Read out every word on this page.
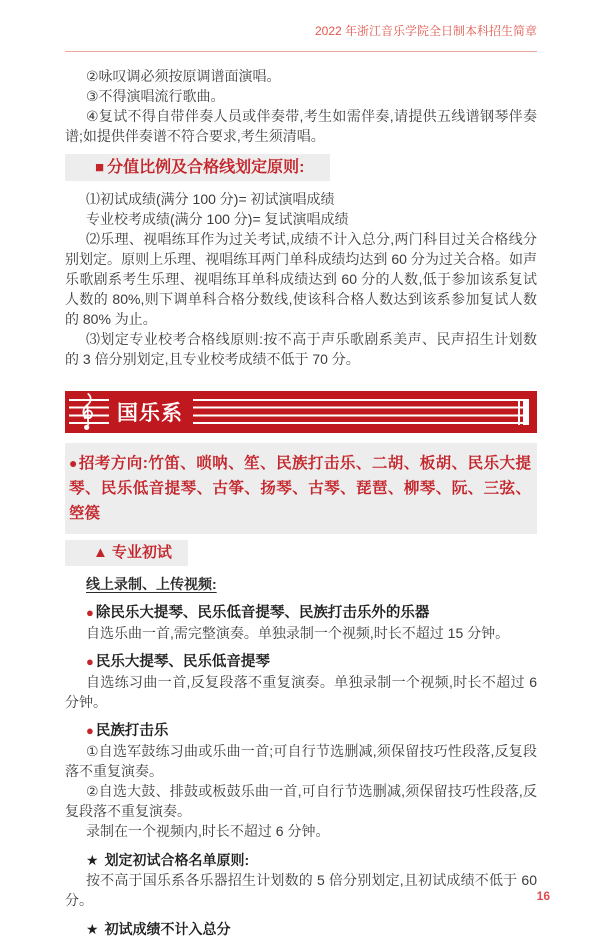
2022 年浙江音乐学院全日制本科招生简章

②咏叹调必须按原调谱面演唱。

③不得演唱流行歌曲。

④复试不得自带伴奏人员或伴奏带,考生如需伴奏,请提供五线谱钢琴伴奏谱;如提供伴奏谱不符合要求,考生须清唱。

■ 分值比例及合格线划定原则:

⑴初试成绩(满分 100 分)= 初试演唱成绩

专业校考成绩(满分 100 分)= 复试演唱成绩

⑵乐理、视唱练耳作为过关考试,成绩不计入总分,两门科目过关合格线分别划定。原则上乐理、视唱练耳两门单科成绩均达到 60 分为过关合格。如声乐歌剧系考生乐理、视唱练耳单科成绩达到 60 分的人数,低于参加该系复试人数的 80%,则下调单科合格分数线,使该科合格人数达到该系参加复试人数的 80% 为止。

⑶划定专业校考合格线原则:按不高于声乐歌剧系美声、民声招生计划数的 3 倍分别划定,且专业校考成绩不低于 70 分。

国乐系
●招考方向:竹笛、唢呐、笙、民族打击乐、二胡、板胡、民乐大提琴、民乐低音提琴、古筝、扬琴、古琴、琵琶、柳琴、阮、三弦、箜篌
▲ 专业初试
线上录制、上传视频:
● 除民乐大提琴、民乐低音提琴、民族打击乐外的乐器

自选乐曲一首,需完整演奏。单独录制一个视频,时长不超过 15 分钟。

● 民乐大提琴、民乐低音提琴

自选练习曲一首,反复段落不重复演奏。单独录制一个视频,时长不超过 6 分钟。

● 民族打击乐

①自选军鼓练习曲或乐曲一首;可自行节选删减,须保留技巧性段落,反复段落不重复演奏。

②自选大鼓、排鼓或板鼓乐曲一首,可自行节选删减,须保留技巧性段落,反复段落不重复演奏。

录制在一个视频内,时长不超过 6 分钟。

★ 划定初试合格名单原则:

按不高于国乐系各乐器招生计划数的 5 倍分别划定,且初试成绩不低于 60 分。

★ 初试成绩不计入总分
16
